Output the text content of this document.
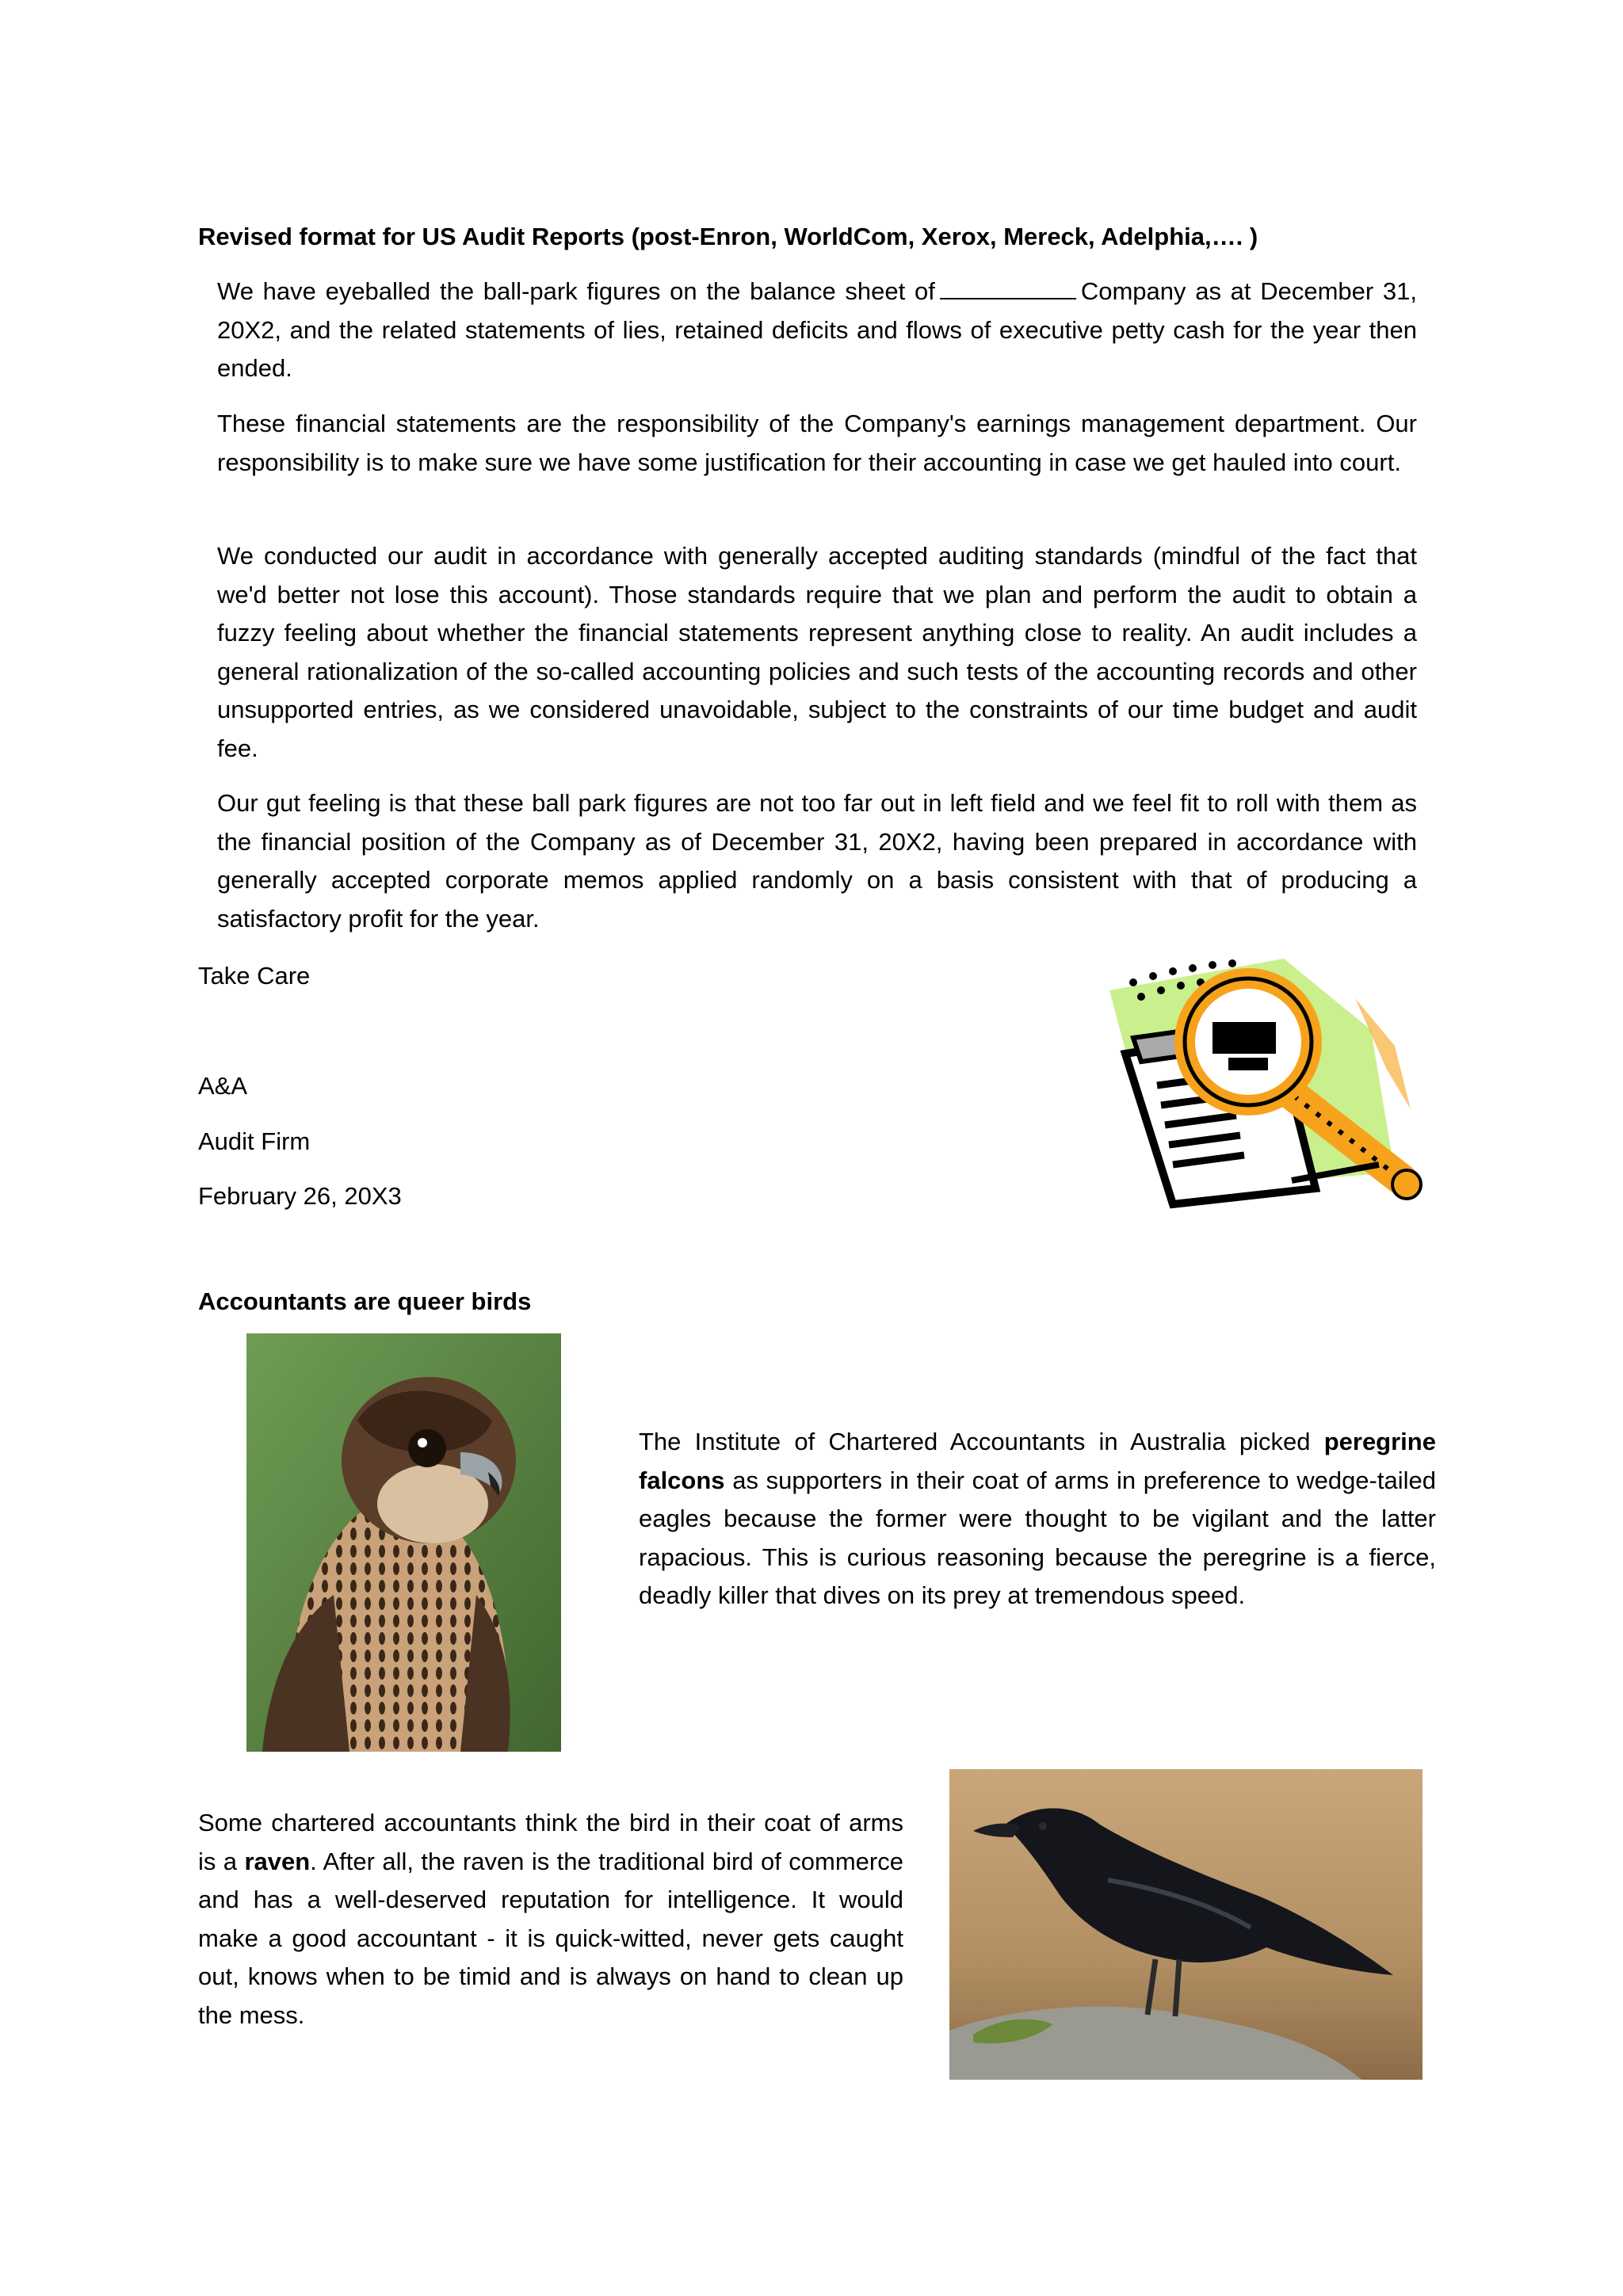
Revised format for US Audit Reports (post-Enron, WorldCom, Xerox, Mereck, Adelphia,…. )
We have eyeballed the ball-park figures on the balance sheet of	Company as at December 31, 20X2, and the related statements of lies, retained deficits and flows of executive petty cash for the year then ended.
These financial statements are the responsibility of the Company's earnings management department. Our responsibility is to make sure we have some justification for their accounting in case we get hauled into court.
We conducted our audit in accordance with generally accepted auditing standards (mindful of the fact that we'd better not lose this account). Those standards require that we plan and perform the audit to obtain a fuzzy feeling about whether the financial statements represent anything close to reality. An audit includes a general rationalization of the so-called accounting policies and such tests of the accounting records and other unsupported entries, as we considered unavoidable, subject to the constraints of our time budget and audit fee.
Our gut feeling is that these ball park figures are not too far out in left field and we feel fit to roll with them as the financial position of the Company as of December 31, 20X2, having been prepared in accordance with generally accepted corporate memos applied randomly on a basis consistent with that of producing a satisfactory profit for the year.
Take Care
A&A
Audit Firm
February 26, 20X3
Accountants are queer birds
The Institute of Chartered Accountants in Australia picked peregrine falcons as supporters in their coat of arms in preference to wedge-tailed eagles because the former were thought to be vigilant and the latter rapacious. This is curious reasoning because the peregrine is a fierce, deadly killer that dives on its prey at tremendous speed.
Some chartered accountants think the bird in their coat of arms is a raven. After all, the raven is the traditional bird of commerce and has a well-deserved reputation for intelligence. It would make a good accountant - it is quick-witted, never gets caught out, knows when to be timid and is always on hand to clean up the mess.
